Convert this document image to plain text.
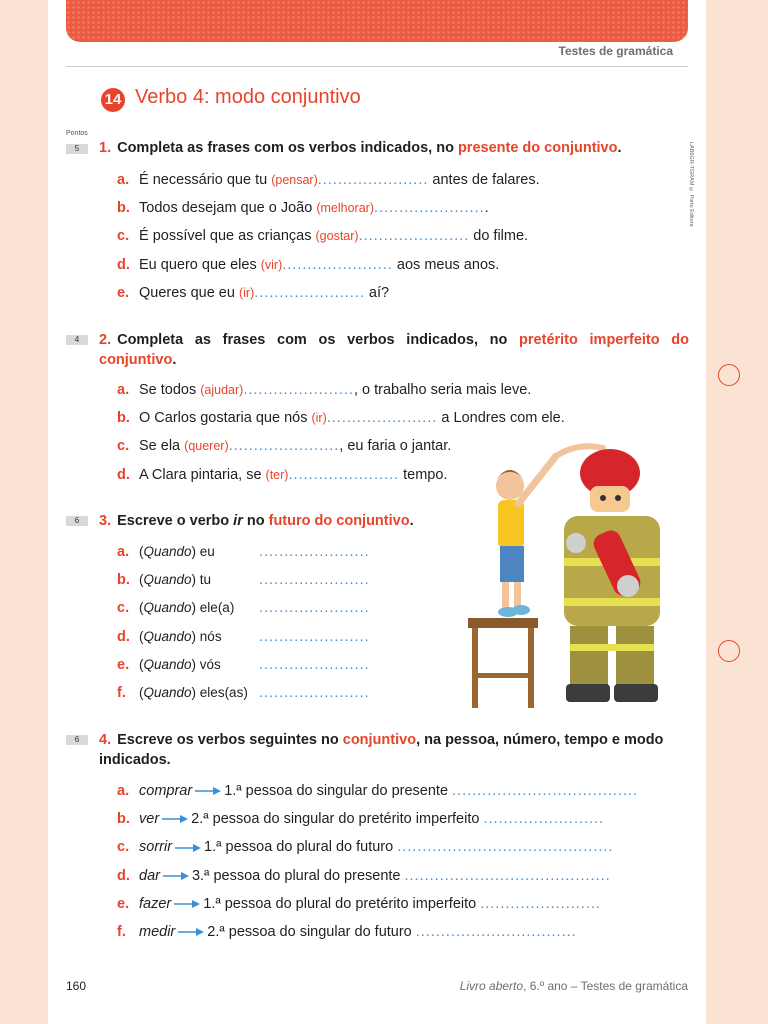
Testes de gramática
14 Verbo 4: modo conjuntivo
Pontos
LAB6GR-TGRAM © Porto Editora
5	1. Completa as frases com os verbos indicados, no presente do conjuntivo.
a. É necessário que tu (pensar)...................... antes de falares.
b. Todos desejam que o João (melhorar).......................
c. É possível que as crianças (gostar)...................... do filme.
d. Eu quero que eles (vir)...................... aos meus anos.
e. Queres que eu (ir)...................... aí?
4	2. Completa as frases com os verbos indicados, no pretérito imperfeito do conjuntivo.
a. Se todos (ajudar)......................, o trabalho seria mais leve.
b. O Carlos gostaria que nós (ir)...................... a Londres com ele.
c. Se ela (querer)......................, eu faria o jantar.
d. A Clara pintaria, se (ter)...................... tempo.
6	3. Escreve o verbo ir no futuro do conjuntivo.
a. (Quando) eu	......................
b. (Quando) tu	......................
c. (Quando) ele(a) ......................
d. (Quando) nós	......................
e. (Quando) vós	......................
f. (Quando) eles(as) ......................
6	4. Escreve os verbos seguintes no conjuntivo, na pessoa, número, tempo e modo indicados.
a. comprar 1.ª pessoa do singular do presente .....................................
b. ver 2.ª pessoa do singular do pretérito imperfeito ........................
c. sorrir 1.ª pessoa do plural do futuro ...........................................
d. dar 3.ª pessoa do plural do presente .........................................
e. fazer 1.ª pessoa do plural do pretérito imperfeito ........................
f. medir 2.ª pessoa do singular do futuro ................................
160	Livro aberto, 6.º ano – Testes de gramática
